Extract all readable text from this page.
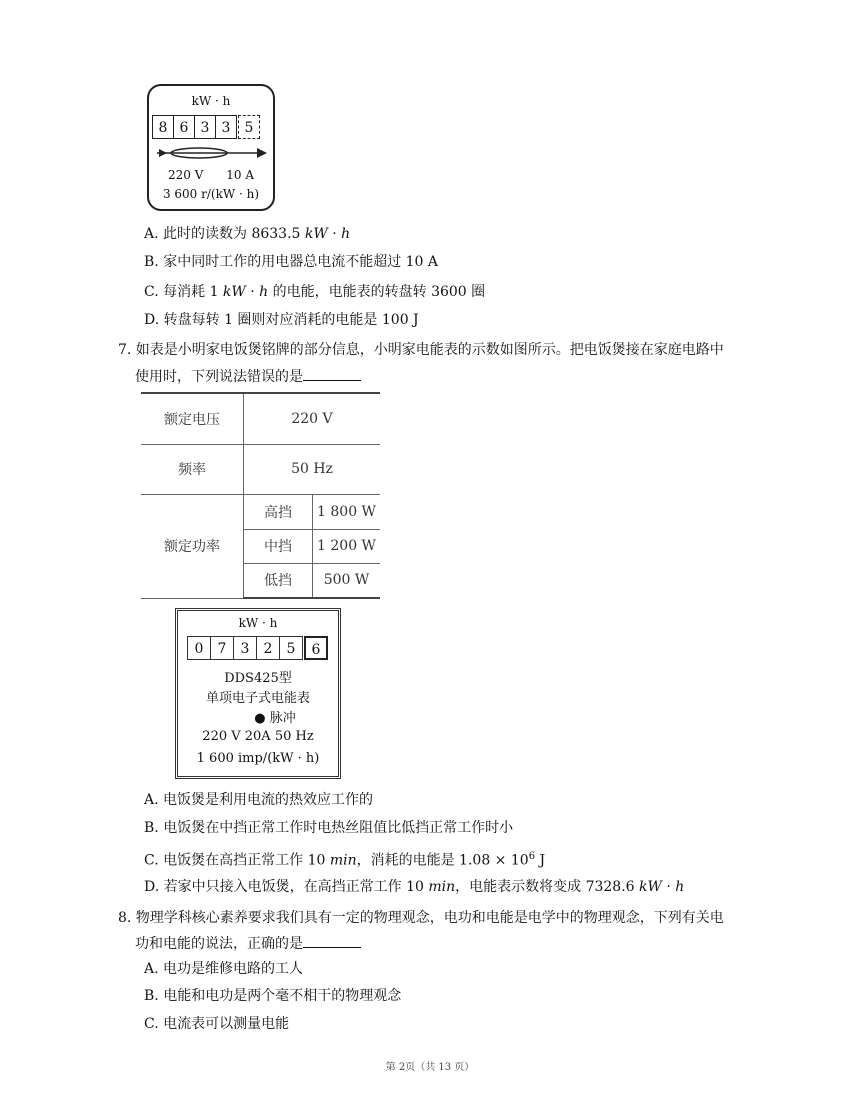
kW · h
8 6 3 3	5
220 V      10 A
3 600 r/(kW · h)
A. 此时的读数为 8633.5 kW · h
B. 家中同时工作的用电器总电流不能超过 10 A
C. 每消耗 1 kW · h 的电能，电能表的转盘转 3600 圈
D. 转盘每转 1 圈则对应消耗的电能是 100 J
7. 如表是小明家电饭煲铭牌的部分信息，小明家电能表的示数如图所示。把电饭煲接在家庭电路中
使用时，下列说法错误的是
额定电压	220 V	
频率	50 Hz	
额定功率	高挡	1 800 W
	中挡	1 200 W
	低挡	500 W
kW · h
0	7	3	2	5	6
DDS425型
单项电子式电能表
● 脉冲
220 V 20A 50 Hz
1 600 imp/(kW · h)
A. 电饭煲是利用电流的热效应工作的
B. 电饭煲在中挡正常工作时电热丝阻值比低挡正常工作时小
C. 电饭煲在高挡正常工作 10 min，消耗的电能是 $1.08 \times 10^6$ J
D. 若家中只接入电饭煲，在高挡正常工作 10 min，电能表示数将变成 7328.6 kW · h
8. 物理学科核心素养要求我们具有一定的物理观念，电功和电能是电学中的物理观念，下列有关电
功和电能的说法，正确的是
A. 电功是维修电路的工人
B. 电能和电功是两个毫不相干的物理观念
C. 电流表可以测量电能
第 2页（共 13 页）
